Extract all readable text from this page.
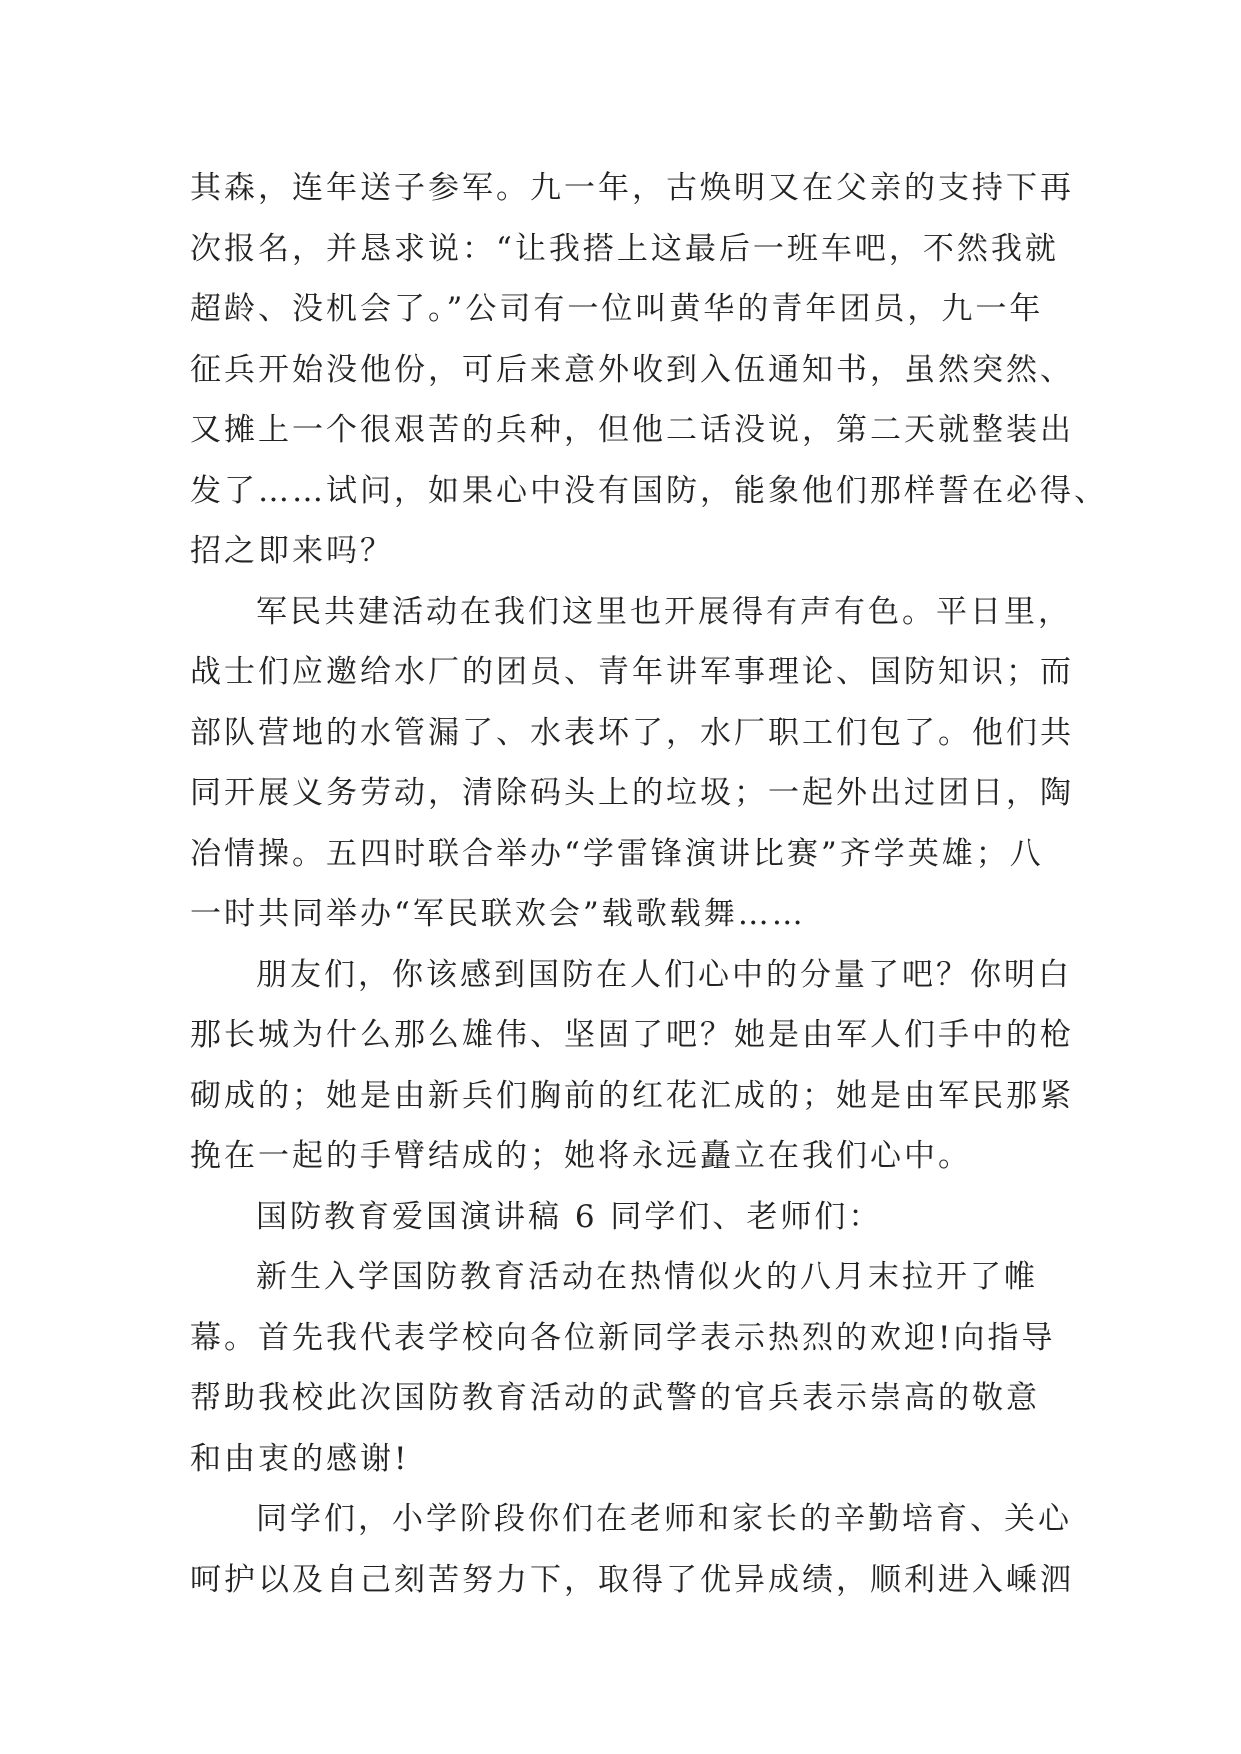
其森，连年送子参军。九一年，古焕明又在父亲的支持下再
次报名，并恳求说：“让我搭上这最后一班车吧，不然我就
超龄、没机会了。”公司有一位叫黄华的青年团员，九一年
征兵开始没他份，可后来意外收到入伍通知书，虽然突然、
又摊上一个很艰苦的兵种，但他二话没说，第二天就整装出
发了……试问，如果心中没有国防，能象他们那样誓在必得、
招之即来吗？
军民共建活动在我们这里也开展得有声有色。平日里，
战士们应邀给水厂的团员、青年讲军事理论、国防知识；而
部队营地的水管漏了、水表坏了，水厂职工们包了。他们共
同开展义务劳动，清除码头上的垃圾；一起外出过团日，陶
冶情操。五四时联合举办“学雷锋演讲比赛”齐学英雄；八
一时共同举办“军民联欢会”载歌载舞……
朋友们，你该感到国防在人们心中的分量了吧？你明白
那长城为什么那么雄伟、坚固了吧？她是由军人们手中的枪
砌成的；她是由新兵们胸前的红花汇成的；她是由军民那紧
挽在一起的手臂结成的；她将永远矗立在我们心中。
国防教育爱国演讲稿 6 同学们、老师们：
新生入学国防教育活动在热情似火的八月末拉开了帷
幕。首先我代表学校向各位新同学表示热烈的欢迎!向指导
帮助我校此次国防教育活动的武警的官兵表示崇高的敬意
和由衷的感谢!
同学们，小学阶段你们在老师和家长的辛勤培育、关心
呵护以及自己刻苦努力下，取得了优异成绩，顺利进入嵊泗
